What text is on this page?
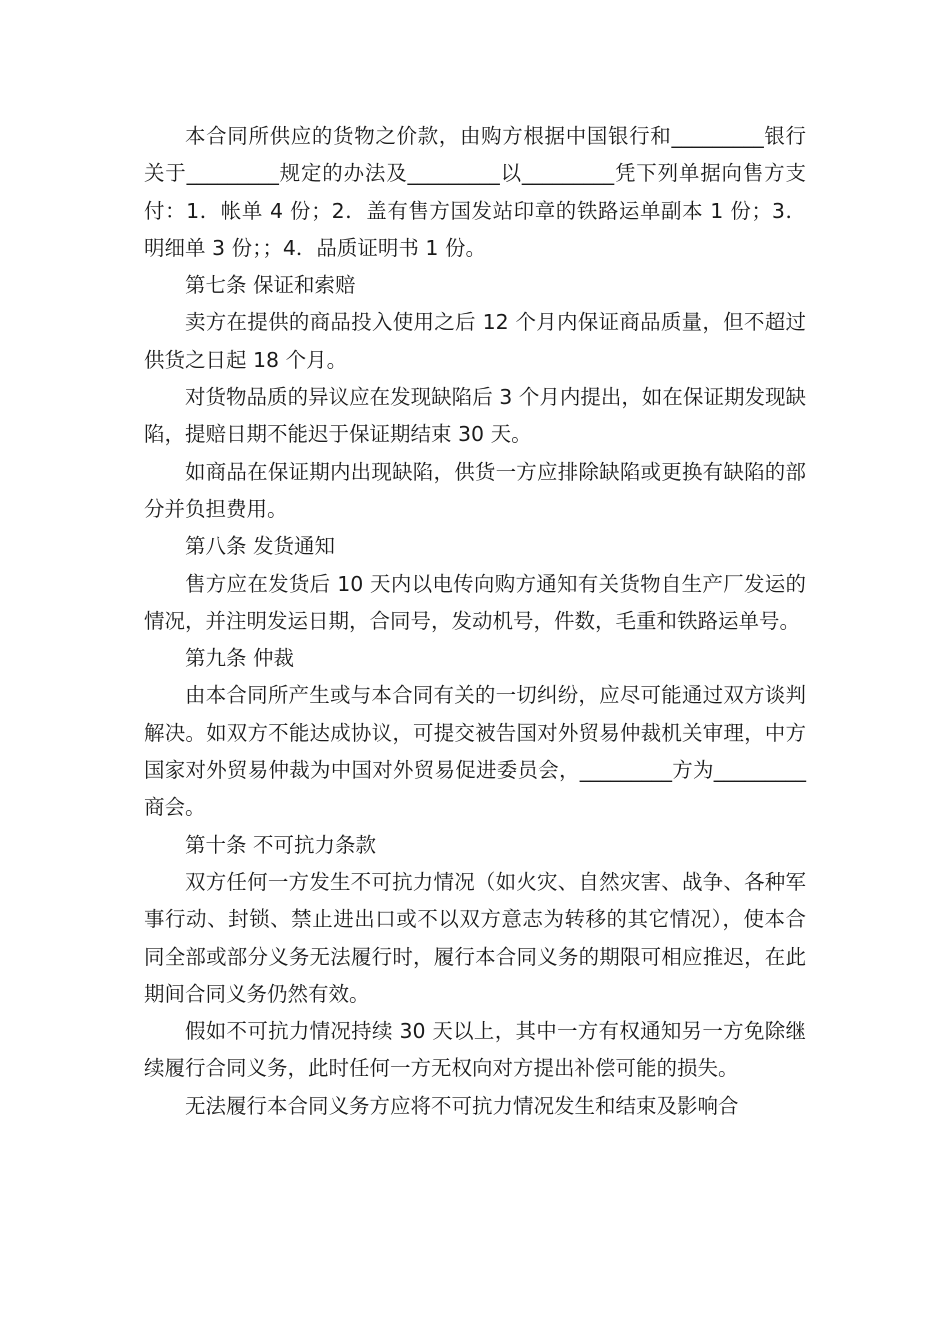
本合同所供应的货物之价款，由购方根据中国银行和_________银行关于_________规定的办法及_________以_________凭下列单据向售方支付：1．帐单 4 份；2．盖有售方国发站印章的铁路运单副本 1 份；3．明细单 3 份；；4．品质证明书 1 份。

第七条 保证和索赔

卖方在提供的商品投入使用之后 12 个月内保证商品质量，但不超过供货之日起 18 个月。

对货物品质的异议应在发现缺陷后 3 个月内提出，如在保证期发现缺陷，提赔日期不能迟于保证期结束 30 天。

如商品在保证期内出现缺陷，供货一方应排除缺陷或更换有缺陷的部分并负担费用。

第八条 发货通知

售方应在发货后 10 天内以电传向购方通知有关货物自生产厂发运的情况，并注明发运日期，合同号，发动机号，件数，毛重和铁路运单号。

第九条 仲裁

由本合同所产生或与本合同有关的一切纠纷，应尽可能通过双方谈判解决。如双方不能达成协议，可提交被告国对外贸易仲裁机关审理，中方国家对外贸易仲裁为中国对外贸易促进委员会，_________方为_________商会。

第十条 不可抗力条款

双方任何一方发生不可抗力情况（如火灾、自然灾害、战争、各种军事行动、封锁、禁止进出口或不以双方意志为转移的其它情况），使本合同全部或部分义务无法履行时，履行本合同义务的期限可相应推迟，在此期间合同义务仍然有效。

假如不可抗力情况持续 30 天以上，其中一方有权通知另一方免除继续履行合同义务，此时任何一方无权向对方提出补偿可能的损失。

无法履行本合同义务方应将不可抗力情况发生和结束及影响合
